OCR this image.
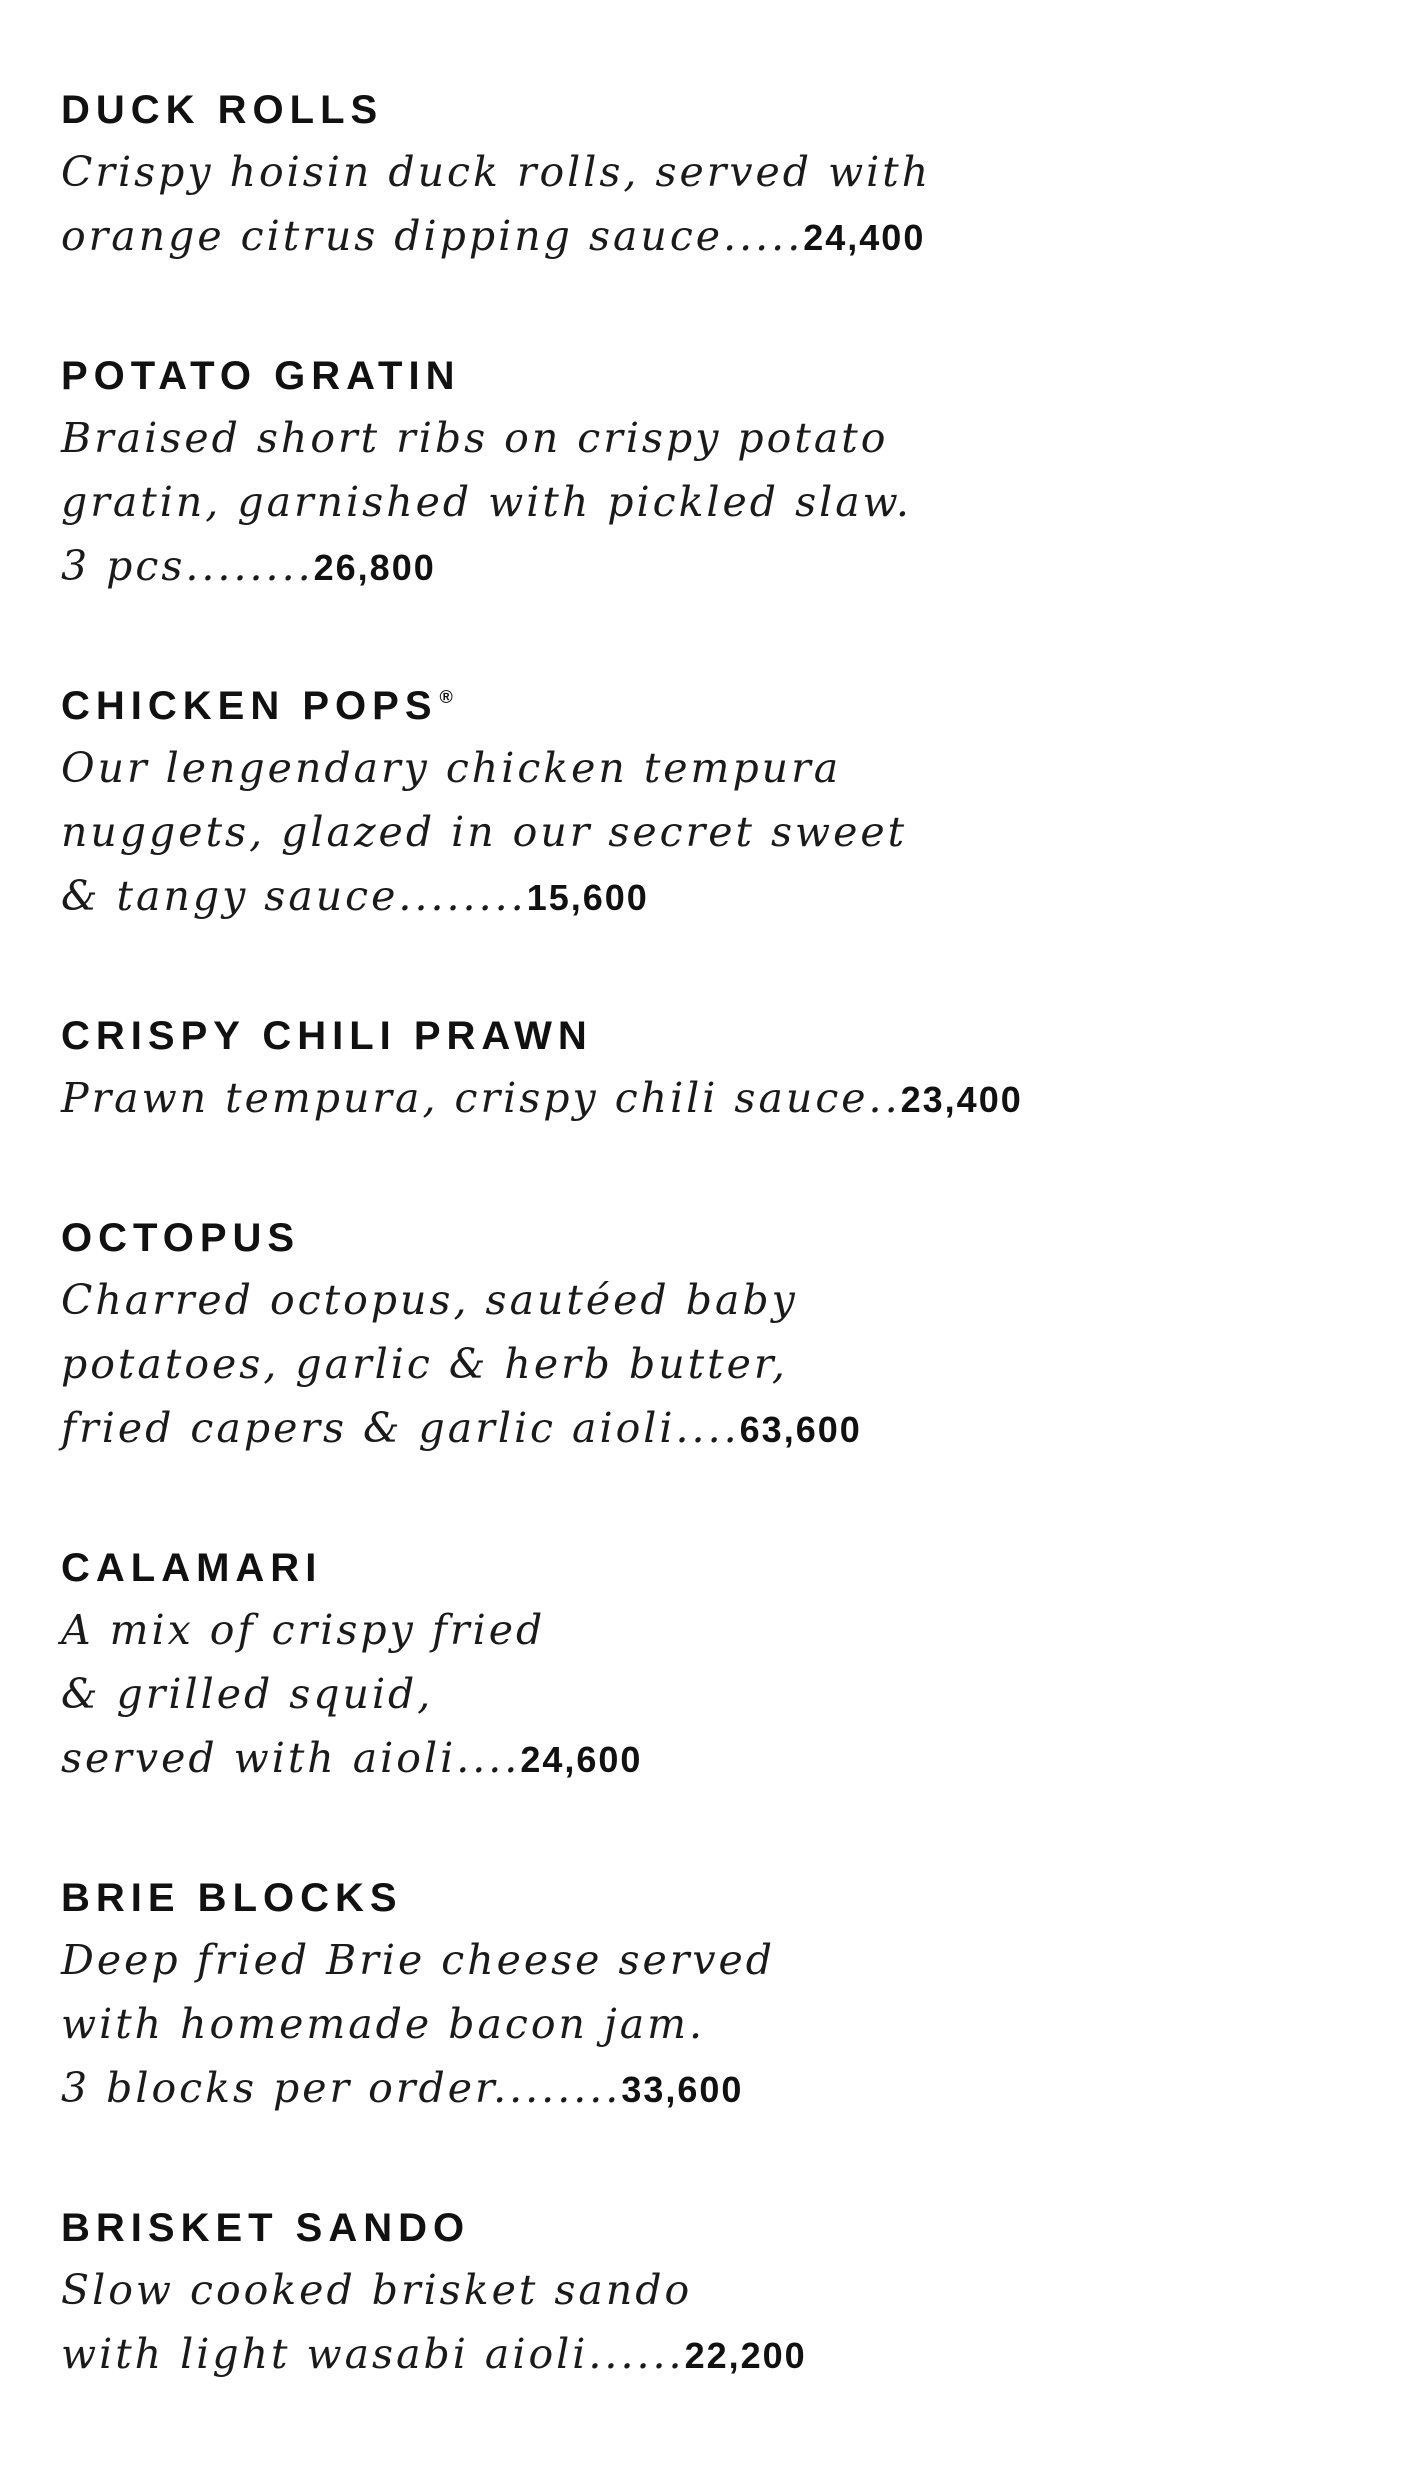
DUCK ROLLS

Crispy hoisin duck rolls, served with
orange citrus dipping sauce.....24,400

POTATO GRATIN

Braised short ribs on crispy potato
gratin, garnished with pickled slaw.
3 pcs........26,800

CHICKEN POPS ®

Our lengendary chicken tempura
nuggets, glazed in our secret sweet
& tangy sauce........15,600

CRISPY CHILI PRAWN

Prawn tempura, crispy chili sauce..23,400

OCTOPUS

Charred octopus, sautéed baby
potatoes, garlic & herb butter,
fried capers & garlic aioli....63,600

CALAMARI

A mix of crispy fried
& grilled squid,
served with aioli....24,600

BRIE BLOCKS

Deep fried Brie cheese served
with homemade bacon jam.
3 blocks per order........33,600

BRISKET SANDO

Slow cooked brisket sando
with light wasabi aioli......22,200
